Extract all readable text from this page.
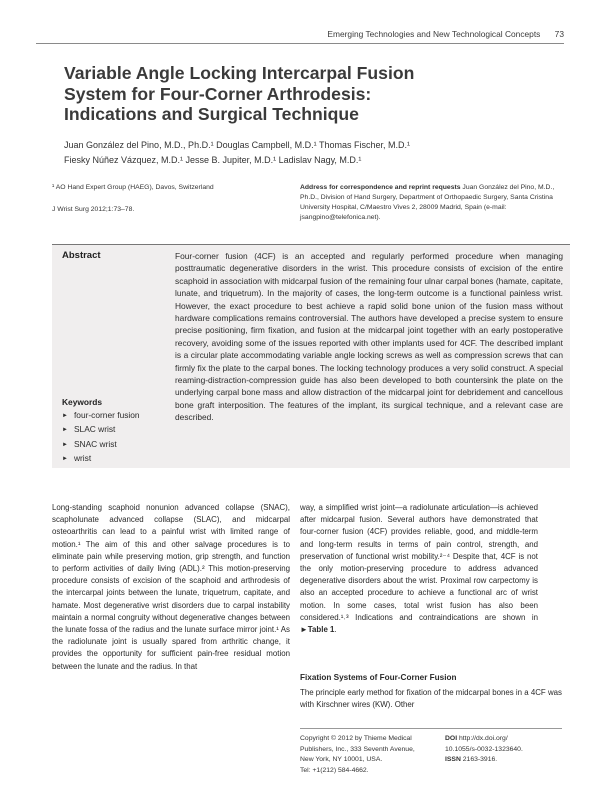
Emerging Technologies and New Technological Concepts 73
Variable Angle Locking Intercarpal Fusion
System for Four-Corner Arthrodesis:
Indications and Surgical Technique
Juan González del Pino, M.D., Ph.D.¹ Douglas Campbell, M.D.¹ Thomas Fischer, M.D.¹
Fiesky Núñez Vázquez, M.D.¹ Jesse B. Jupiter, M.D.¹ Ladislav Nagy, M.D.¹
¹ AO Hand Expert Group (HAEG), Davos, Switzerland
J Wrist Surg 2012;1:73–78.
Address for correspondence and reprint requests Juan González del Pino, M.D., Ph.D., Division of Hand Surgery, Department of Orthopaedic Surgery, Santa Cristina University Hospital, C/Maestro Vives 2, 28009 Madrid, Spain (e-mail: jsangpino@telefonica.net).
Abstract	Four-corner fusion (4CF) is an accepted and regularly performed procedure when managing posttraumatic degenerative disorders in the wrist. This procedure consists of excision of the entire scaphoid in association with midcarpal fusion of the remaining four ulnar carpal bones (hamate, capitate, lunate, and triquetrum). In the majority of cases, the long-term outcome is a functional painless wrist. However, the exact procedure to best achieve a rapid solid bone union of the fusion mass without hardware complications remains controversial. The authors have developed a precise system to ensure precise positioning, firm fixation, and fusion at the midcarpal joint together with an early postoperative recovery, avoiding some of the issues reported with other implants used for 4CF. The described implant is a circular plate accommodating variable angle locking screws as well as compression screws that can firmly fix the plate to the carpal bones. The locking technology produces a very solid construct. A special reaming-distraction-compression guide has also been developed to both countersink the plate on the underlying carpal bone mass and allow distraction of the midcarpal joint for debridement and cancellous bone graft interposition. The features of the implant, its surgical technique, and a relevant case are described.
Keywords
► four-corner fusion
► SLAC wrist
► SNAC wrist
► wrist
Long-standing scaphoid nonunion advanced collapse (SNAC), scapholunate advanced collapse (SLAC), and midcarpal osteoarthritis can lead to a painful wrist with limited range of motion.¹ The aim of this and other salvage procedures is to eliminate pain while preserving motion, grip strength, and function to perform activities of daily living (ADL).² This motion-preserving procedure consists of excision of the scaphoid and arthrodesis of the intercarpal joints between the lunate, triquetrum, capitate, and hamate. Most degenerative wrist disorders due to carpal instability maintain a normal congruity without degenerative changes between the lunate fossa of the radius and the lunate surface mirror joint.¹ As the radiolunate joint is usually spared from arthritic change, it provides the opportunity for sufficient pain-free residual motion between the lunate and the radius. In that
way, a simplified wrist joint—a radiolunate articulation—is achieved after midcarpal fusion. Several authors have demonstrated that four-corner fusion (4CF) provides reliable, good, and middle-term and long-term results in terms of pain control, strength, and preservation of functional wrist mobility.²⁻⁴ Despite that, 4CF is not the only motion-preserving procedure to address advanced degenerative disorders about the wrist. Proximal row carpectomy is also an accepted procedure to achieve a functional arc of wrist motion. In some cases, total wrist fusion has also been considered.¹˒³ Indications and contraindications are shown in ►Table 1.
Fixation Systems of Four-Corner Fusion
The principle early method for fixation of the midcarpal bones in a 4CF was with Kirschner wires (KW). Other
Copyright © 2012 by Thieme Medical
Publishers, Inc., 333 Seventh Avenue,
New York, NY 10001, USA.
Tel: +1(212) 584-4662.
DOI http://dx.doi.org/
10.1055/s-0032-1323640.
ISSN 2163-3916.
